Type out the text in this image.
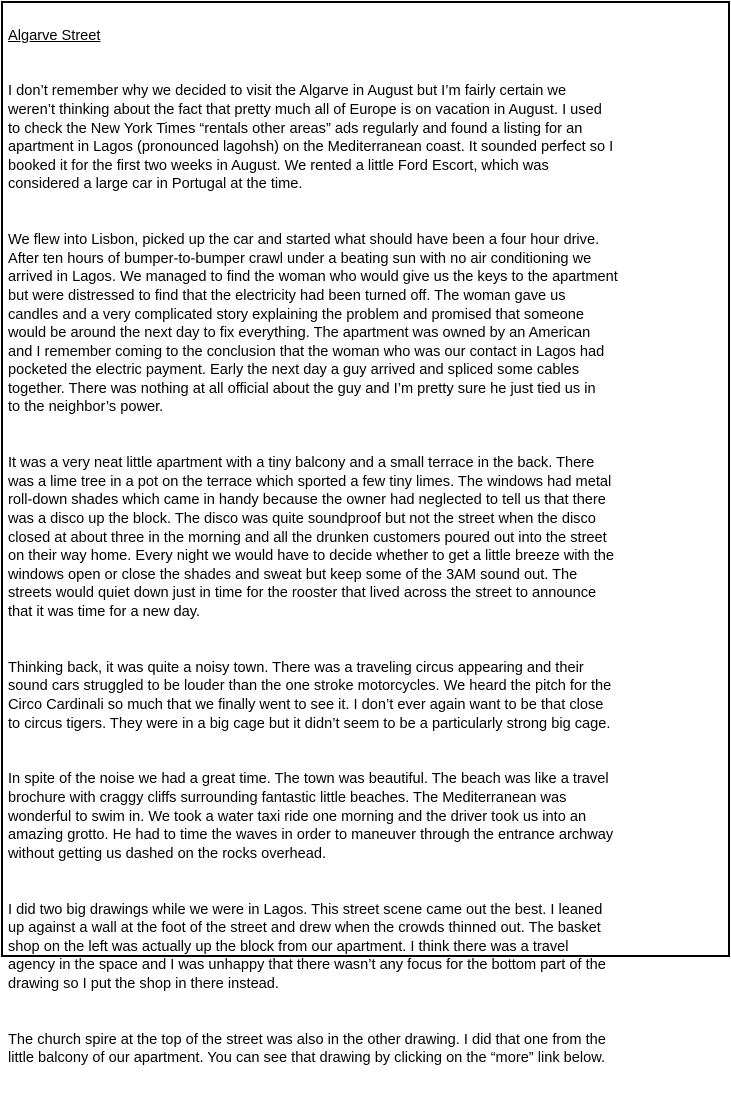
Algarve Street

I don’t remember why we decided to visit the Algarve in August but I’m fairly certain we
weren’t thinking about the fact that pretty much all of Europe is on vacation in August. I used
to check the New York Times “rentals other areas” ads regularly and found a listing for an
apartment in Lagos (pronounced lagohsh) on the Mediterranean coast. It sounded perfect so I
booked it for the first two weeks in August. We rented a little Ford Escort, which was
considered a large car in Portugal at the time.

We flew into Lisbon, picked up the car and started what should have been a four hour drive.
After ten hours of bumper-to-bumper crawl under a beating sun with no air conditioning we
arrived in Lagos. We managed to find the woman who would give us the keys to the apartment
but were distressed to find that the electricity had been turned off. The woman gave us
candles and a very complicated story explaining the problem and promised that someone
would be around the next day to fix everything. The apartment was owned by an American
and I remember coming to the conclusion that the woman who was our contact in Lagos had
pocketed the electric payment. Early the next day a guy arrived and spliced some cables
together. There was nothing at all official about the guy and I’m pretty sure he just tied us in
to the neighbor’s power.

It was a very neat little apartment with a tiny balcony and a small terrace in the back. There
was a lime tree in a pot on the terrace which sported a few tiny limes. The windows had metal
roll-down shades which came in handy because the owner had neglected to tell us that there
was a disco up the block. The disco was quite soundproof but not the street when the disco
closed at about three in the morning and all the drunken customers poured out into the street
on their way home. Every night we would have to decide whether to get a little breeze with the
windows open or close the shades and sweat but keep some of the 3AM sound out. The
streets would quiet down just in time for the rooster that lived across the street to announce
that it was time for a new day.

Thinking back, it was quite a noisy town. There was a traveling circus appearing and their
sound cars struggled to be louder than the one stroke motorcycles. We heard the pitch for the
Circo Cardinali so much that we finally went to see it. I don’t ever again want to be that close
to circus tigers. They were in a big cage but it didn’t seem to be a particularly strong big cage.

In spite of the noise we had a great time. The town was beautiful. The beach was like a travel
brochure with craggy cliffs surrounding fantastic little beaches. The Mediterranean was
wonderful to swim in. We took a water taxi ride one morning and the driver took us into an
amazing grotto. He had to time the waves in order to maneuver through the entrance archway
without getting us dashed on the rocks overhead.

I did two big drawings while we were in Lagos. This street scene came out the best. I leaned
up against a wall at the foot of the street and drew when the crowds thinned out. The basket
shop on the left was actually up the block from our apartment. I think there was a travel
agency in the space and I was unhappy that there wasn’t any focus for the bottom part of the
drawing so I put the shop in there instead.

The church spire at the top of the street was also in the other drawing. I did that one from the
little balcony of our apartment. You can see that drawing by clicking on the “more” link below.
